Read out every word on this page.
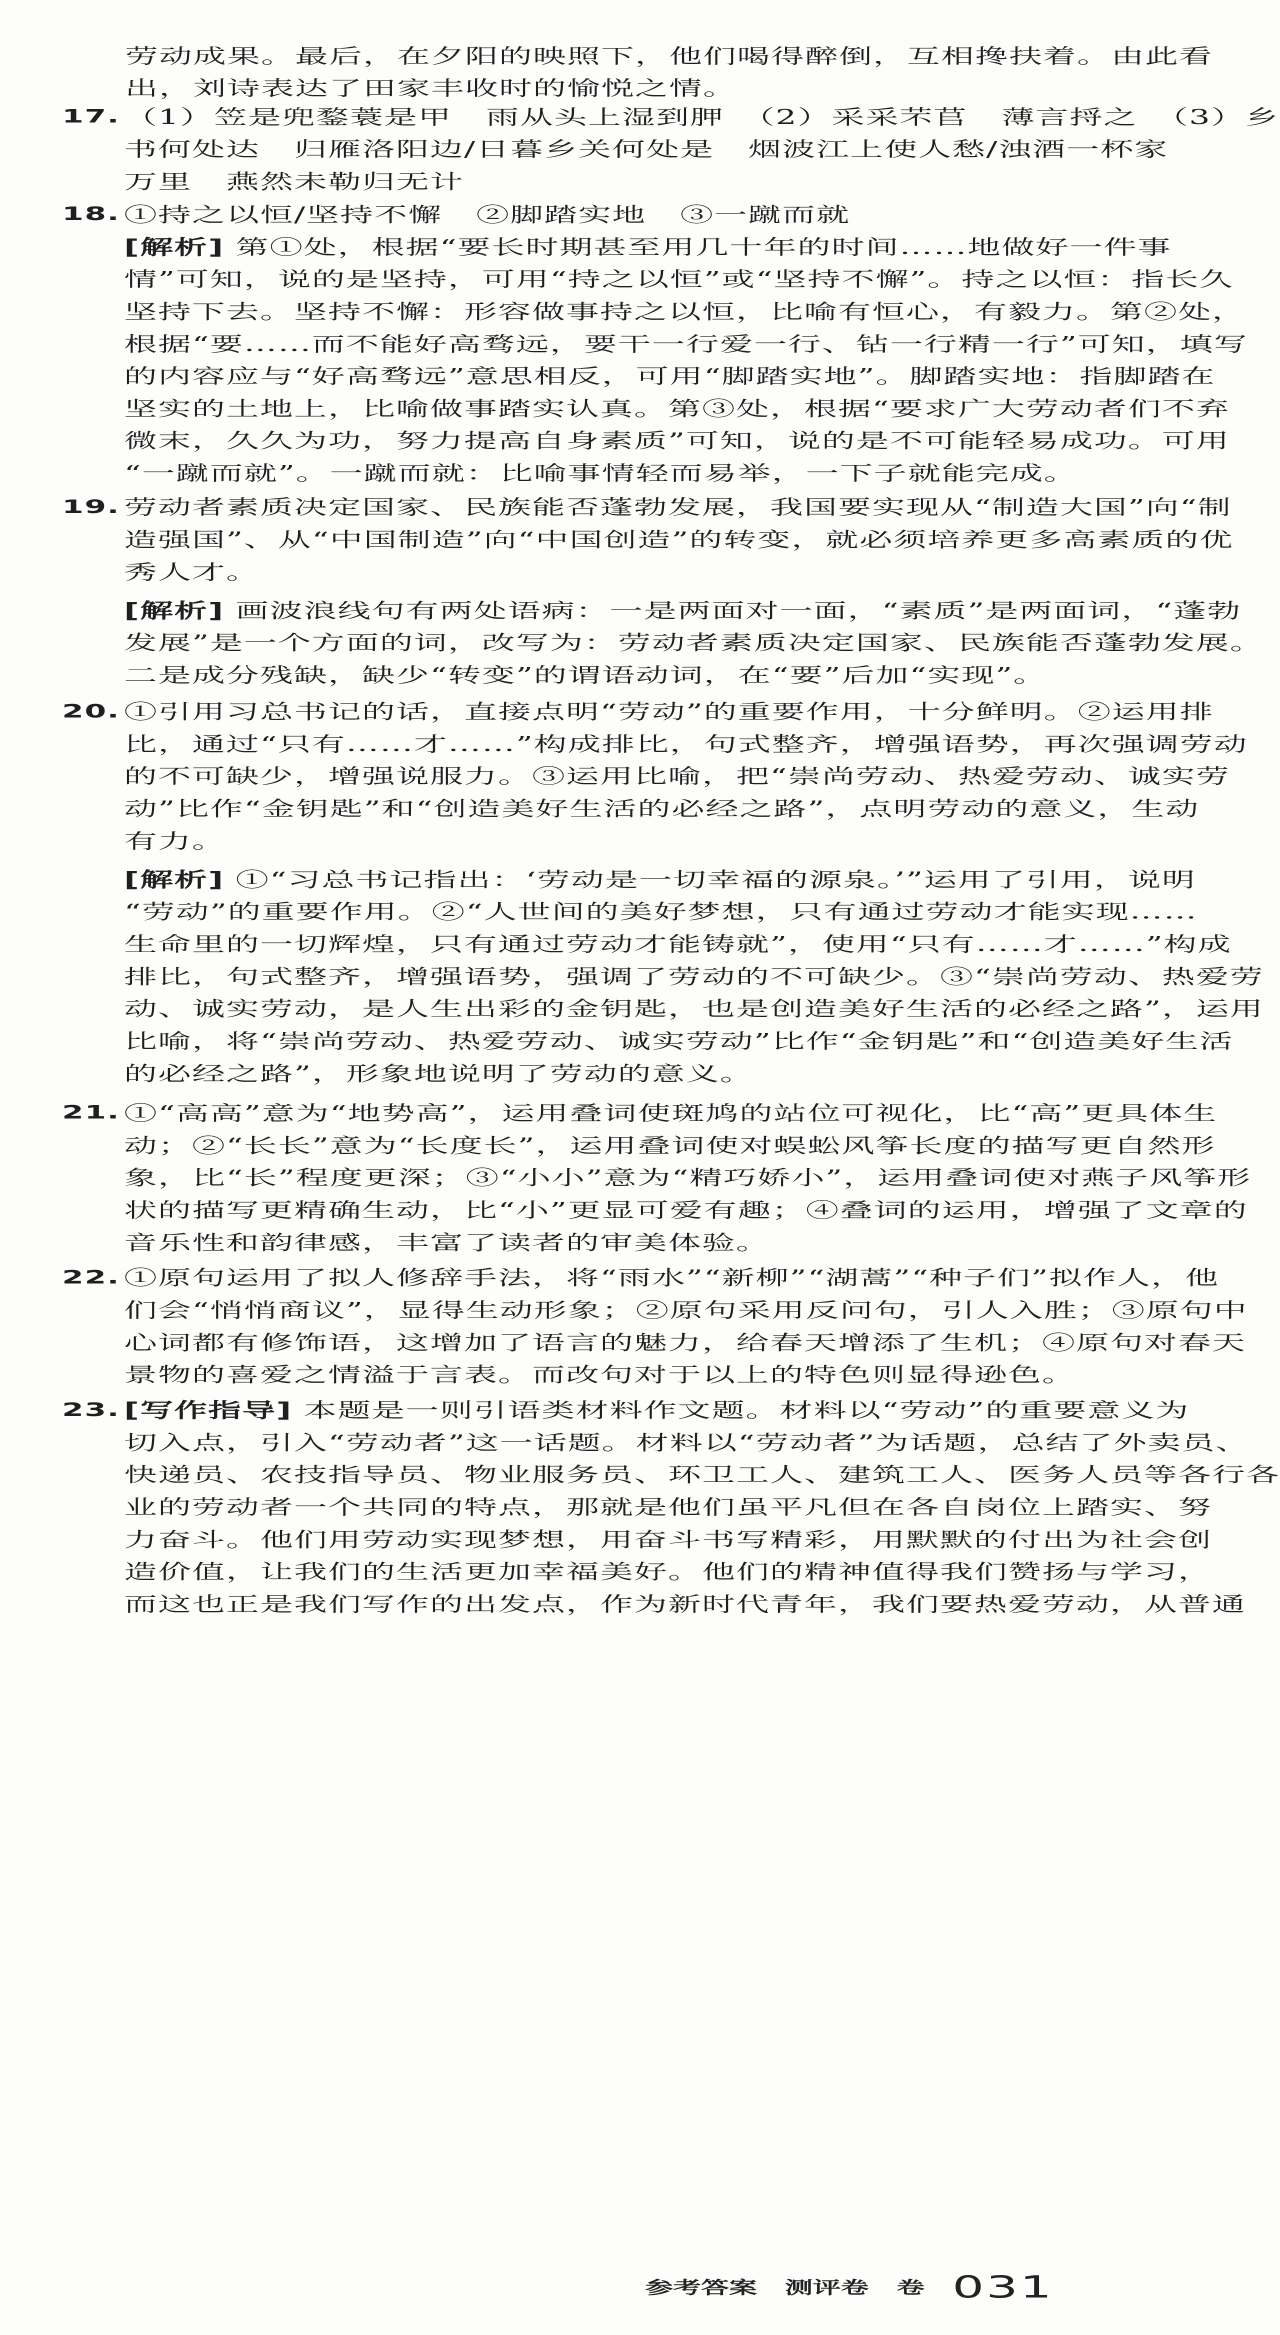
劳动成果。最后，在夕阳的映照下，他们喝得醉倒，互相搀扶着。由此看
出，刘诗表达了田家丰收时的愉悦之情。
17. （1）笠是兜鍪蓑是甲　雨从头上湿到胛　（2）采采芣苢　薄言捋之　（3）乡
书何处达　归雁洛阳边/日暮乡关何处是　烟波江上使人愁/浊酒一杯家
万里　燕然未勒归无计
18. ①持之以恒/坚持不懈　②脚踏实地　③一蹴而就
[解析] 第①处，根据“要长时期甚至用几十年的时间……地做好一件事
情”可知，说的是坚持，可用“持之以恒”或“坚持不懈”。持之以恒：指长久
坚持下去。坚持不懈：形容做事持之以恒，比喻有恒心，有毅力。第②处，
根据“要……而不能好高骛远，要干一行爱一行、钻一行精一行”可知，填写
的内容应与“好高骛远”意思相反，可用“脚踏实地”。脚踏实地：指脚踏在
坚实的土地上，比喻做事踏实认真。第③处，根据“要求广大劳动者们不弃
微末，久久为功，努力提高自身素质”可知，说的是不可能轻易成功。可用
“一蹴而就”。一蹴而就：比喻事情轻而易举，一下子就能完成。
19. 劳动者素质决定国家、民族能否蓬勃发展，我国要实现从“制造大国”向“制
造强国”、从“中国制造”向“中国创造”的转变，就必须培养更多高素质的优
秀人才。
[解析] 画波浪线句有两处语病：一是两面对一面，“素质”是两面词，“蓬勃
发展”是一个方面的词，改写为：劳动者素质决定国家、民族能否蓬勃发展。
二是成分残缺，缺少“转变”的谓语动词，在“要”后加“实现”。
20. ①引用习总书记的话，直接点明“劳动”的重要作用，十分鲜明。②运用排
比，通过“只有……才……”构成排比，句式整齐，增强语势，再次强调劳动
的不可缺少，增强说服力。③运用比喻，把“崇尚劳动、热爱劳动、诚实劳
动”比作“金钥匙”和“创造美好生活的必经之路”，点明劳动的意义，生动
有力。
[解析] ①“习总书记指出：‘劳动是一切幸福的源泉。’”运用了引用，说明
“劳动”的重要作用。②“人世间的美好梦想，只有通过劳动才能实现……
生命里的一切辉煌，只有通过劳动才能铸就”，使用“只有……才……”构成
排比，句式整齐，增强语势，强调了劳动的不可缺少。③“崇尚劳动、热爱劳
动、诚实劳动，是人生出彩的金钥匙，也是创造美好生活的必经之路”，运用
比喻，将“崇尚劳动、热爱劳动、诚实劳动”比作“金钥匙”和“创造美好生活
的必经之路”，形象地说明了劳动的意义。
21. ①“高高”意为“地势高”，运用叠词使斑鸠的站位可视化，比“高”更具体生
动；②“长长”意为“长度长”，运用叠词使对蜈蚣风筝长度的描写更自然形
象，比“长”程度更深；③“小小”意为“精巧娇小”，运用叠词使对燕子风筝形
状的描写更精确生动，比“小”更显可爱有趣；④叠词的运用，增强了文章的
音乐性和韵律感，丰富了读者的审美体验。
22. ①原句运用了拟人修辞手法，将“雨水”“新柳”“湖蒿”“种子们”拟作人，他
们会“悄悄商议”，显得生动形象；②原句采用反问句，引人入胜；③原句中
心词都有修饰语，这增加了语言的魅力，给春天增添了生机；④原句对春天
景物的喜爱之情溢于言表。而改句对于以上的特色则显得逊色。
23. [写作指导] 本题是一则引语类材料作文题。材料以“劳动”的重要意义为
切入点，引入“劳动者”这一话题。材料以“劳动者”为话题，总结了外卖员、
快递员、农技指导员、物业服务员、环卫工人、建筑工人、医务人员等各行各
业的劳动者一个共同的特点，那就是他们虽平凡但在各自岗位上踏实、努
力奋斗。他们用劳动实现梦想，用奋斗书写精彩，用默默的付出为社会创
造价值，让我们的生活更加幸福美好。他们的精神值得我们赞扬与学习，
而这也正是我们写作的出发点，作为新时代青年，我们要热爱劳动，从普通
参考答案 测评卷 卷 031
